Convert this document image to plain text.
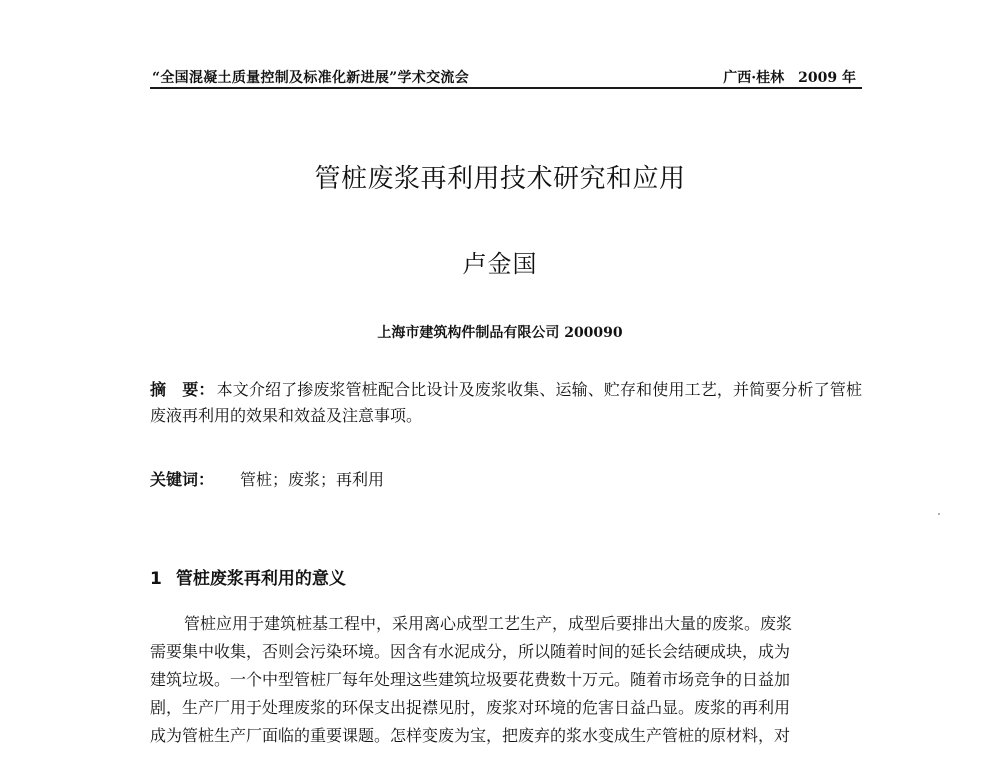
“全国混凝土质量控制及标准化新进展”学术交流会	广西·桂林 2009 年
管桩废浆再利用技术研究和应用
卢金国
上海市建筑构件制品有限公司 200090
摘　要： 本文介绍了掺废浆管桩配合比设计及废浆收集、运输、贮存和使用工艺，并简要分析了管桩废液再利用的效果和效益及注意事项。
关键词： 管桩；废浆；再利用
1 管桩废浆再利用的意义
管桩应用于建筑桩基工程中，采用离心成型工艺生产，成型后要排出大量的废浆。废浆
需要集中收集，否则会污染环境。因含有水泥成分，所以随着时间的延长会结硬成块，成为
建筑垃圾。一个中型管桩厂每年处理这些建筑垃圾要花费数十万元。随着市场竞争的日益加
剧，生产厂用于处理废浆的环保支出捉襟见肘，废浆对环境的危害日益凸显。废浆的再利用
成为管桩生产厂面临的重要课题。怎样变废为宝，把废弃的浆水变成生产管桩的原材料，对
